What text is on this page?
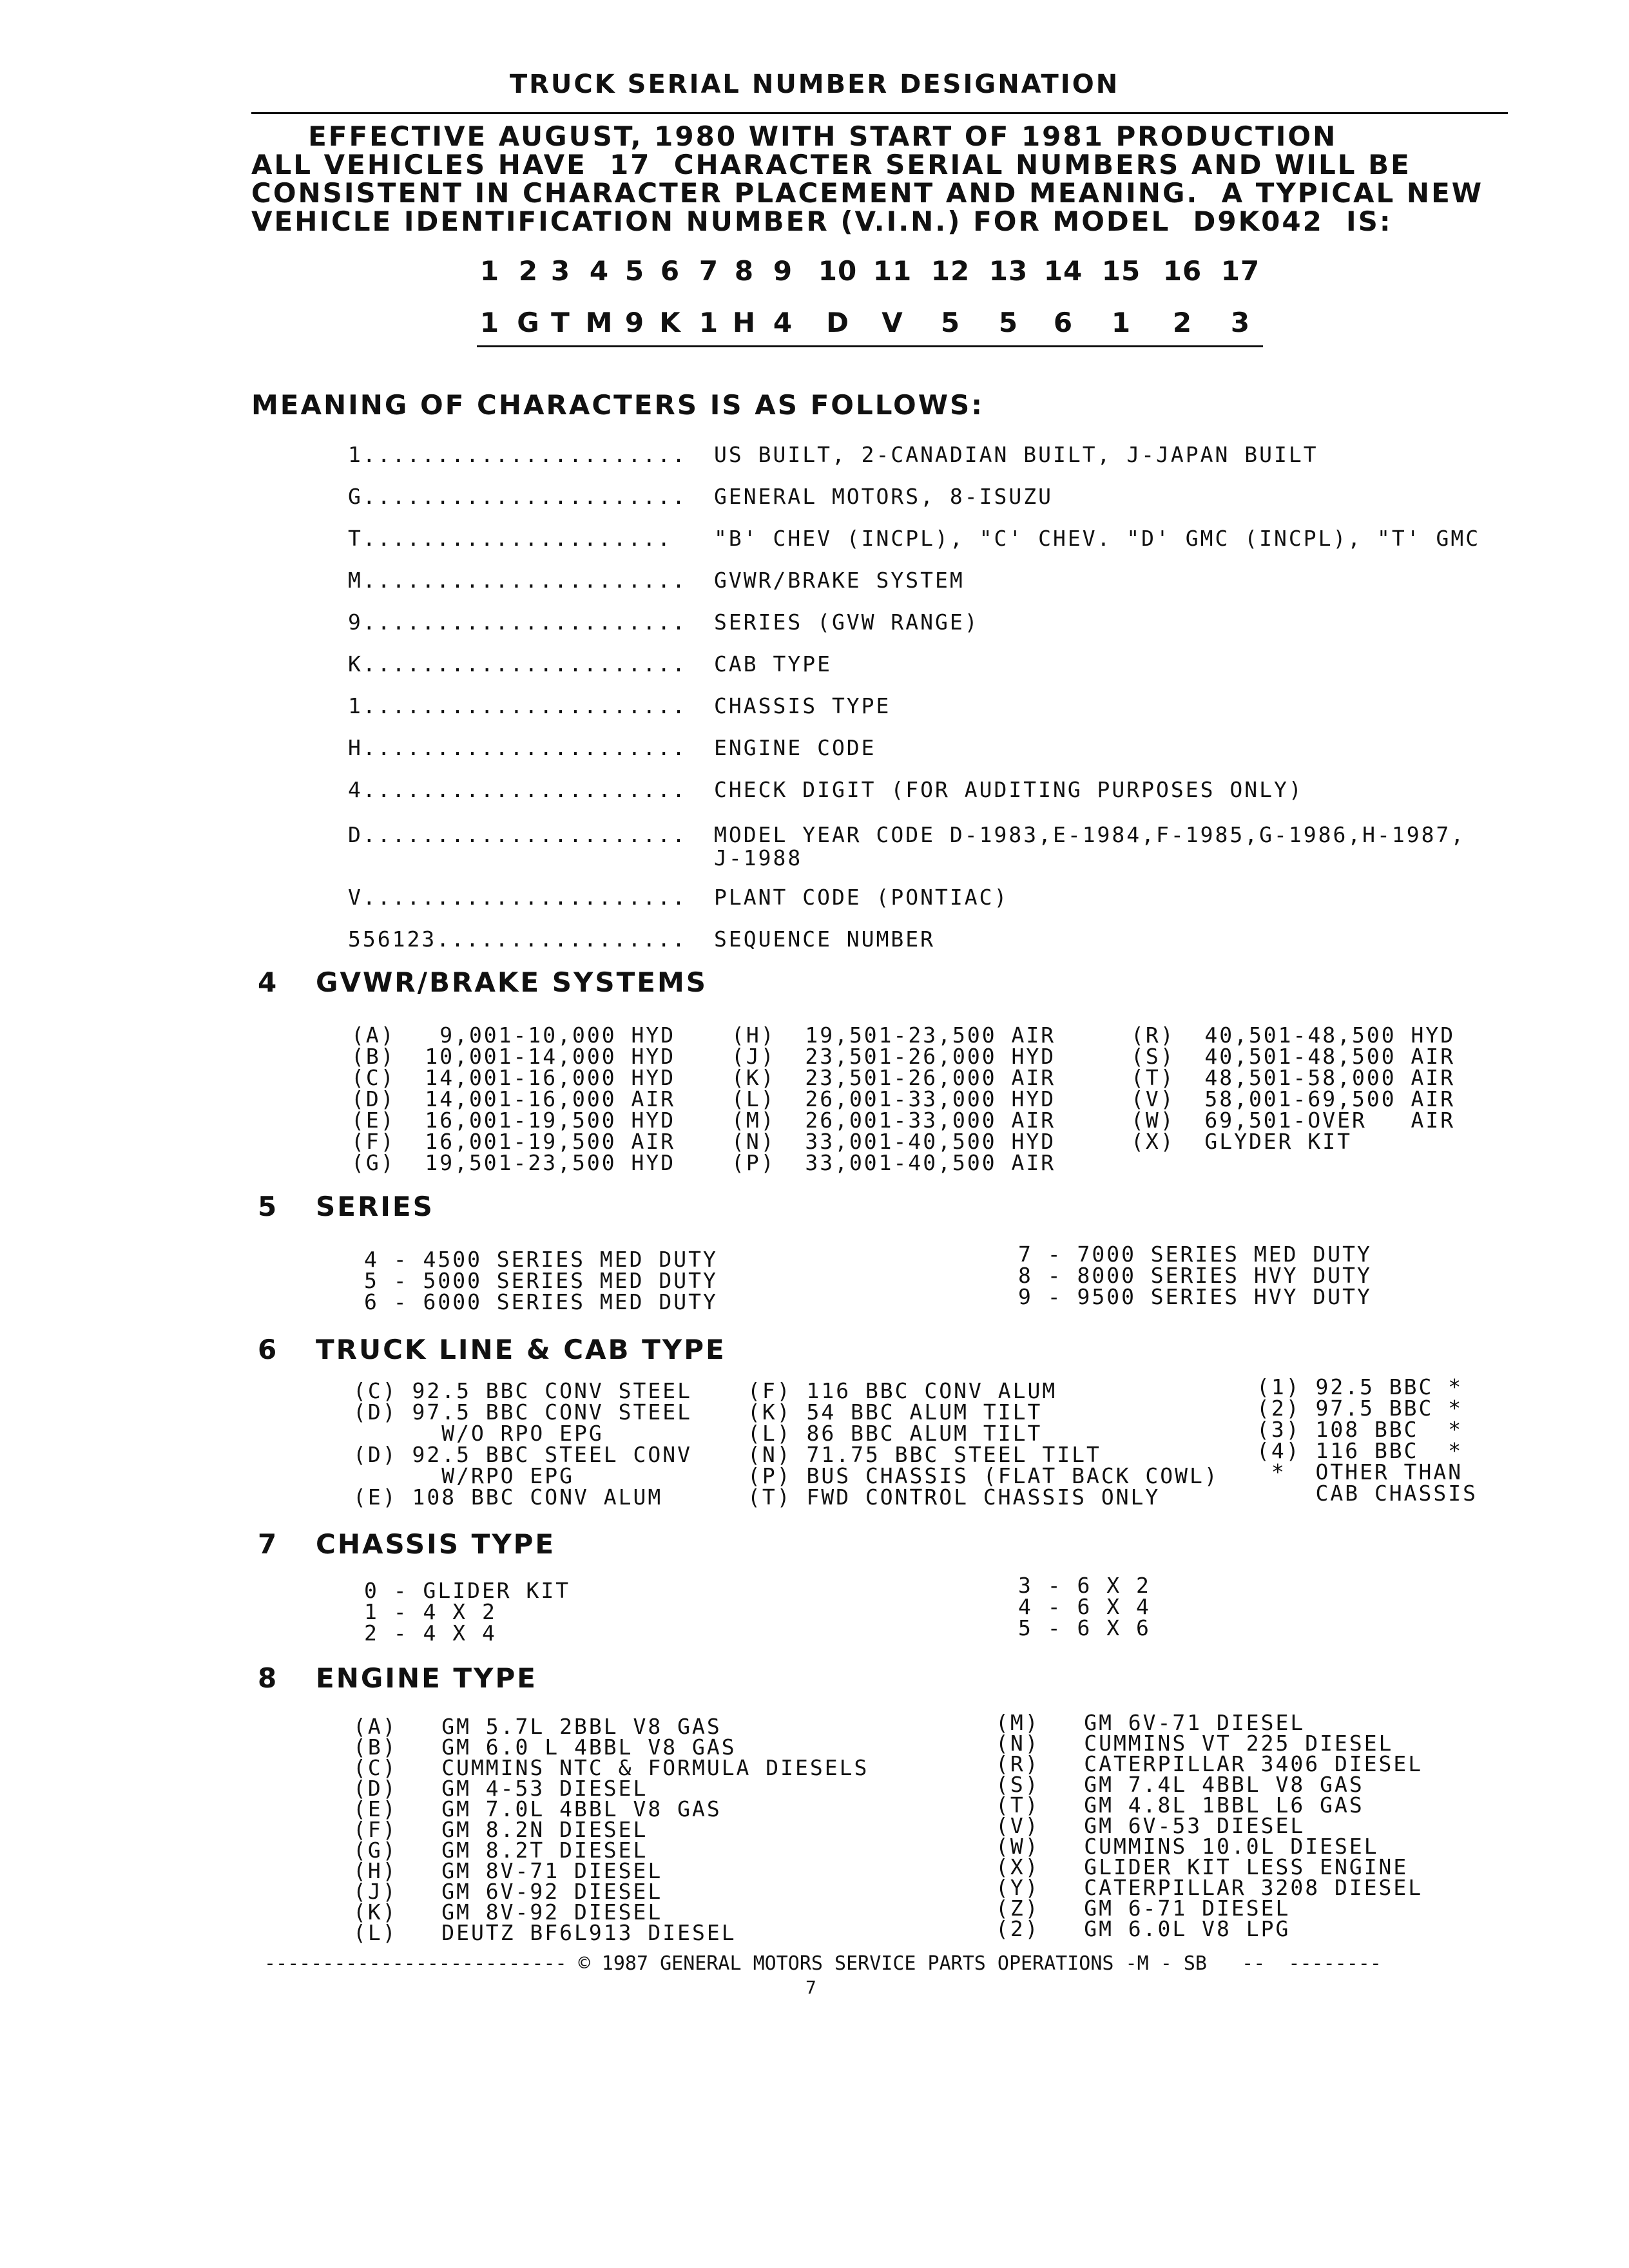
TRUCK SERIAL NUMBER DESIGNATION
EFFECTIVE AUGUST, 1980 WITH START OF 1981 PRODUCTION
ALL VEHICLES HAVE  17  CHARACTER SERIAL NUMBERS AND WILL BE
CONSISTENT IN CHARACTER PLACEMENT AND MEANING.  A TYPICAL NEW
VEHICLE IDENTIFICATION NUMBER (V.I.N.) FOR MODEL  D9K042  IS:
1 2 3 4 5 6 7 8 9 10 11 12 13 14 15 16 17
1 G T M 9 K 1 H 4	D	V	5	5	6	1	2	3
MEANING OF CHARACTERS IS AS FOLLOWS:
1...................... US BUILT, 2-CANADIAN BUILT, J-JAPAN BUILT
G...................... GENERAL MOTORS, 8-ISUZU
T..................... "B' CHEV (INCPL), "C' CHEV. "D' GMC (INCPL), "T' GMC
M...................... GVWR/BRAKE SYSTEM
9...................... SERIES (GVW RANGE)
K...................... CAB TYPE
1...................... CHASSIS TYPE
H...................... ENGINE CODE
4...................... CHECK DIGIT (FOR AUDITING PURPOSES ONLY)
D...................... MODEL YEAR CODE D-1983,E-1984,F-1985,G-1986,H-1987,
J-1988
V...................... PLANT CODE (PONTIAC)
556123................. SEQUENCE NUMBER
4 GVWR/BRAKE SYSTEMS
(A)   9,001-10,000 HYD
(B)  10,001-14,000 HYD
(C)  14,001-16,000 HYD
(D)  14,001-16,000 AIR
(E)  16,001-19,500 HYD
(F)  16,001-19,500 AIR
(G)  19,501-23,500 HYD
(H)  19,501-23,500 AIR
(J)  23,501-26,000 HYD
(K)  23,501-26,000 AIR
(L)  26,001-33,000 HYD
(M)  26,001-33,000 AIR
(N)  33,001-40,500 HYD
(P)  33,001-40,500 AIR
(R)  40,501-48,500 HYD
(S)  40,501-48,500 AIR
(T)  48,501-58,000 AIR
(V)  58,001-69,500 AIR
(W)  69,501-OVER   AIR
(X)  GLYDER KIT
5 SERIES
4 - 4500 SERIES MED DUTY
5 - 5000 SERIES MED DUTY
6 - 6000 SERIES MED DUTY
7 - 7000 SERIES MED DUTY
8 - 8000 SERIES HVY DUTY
9 - 9500 SERIES HVY DUTY
6 TRUCK LINE & CAB TYPE
(C) 92.5 BBC CONV STEEL
(D) 97.5 BBC CONV STEEL
W/O RPO EPG
(D) 92.5 BBC STEEL CONV
W/RPO EPG
(E) 108 BBC CONV ALUM
(F) 116 BBC CONV ALUM
(K) 54 BBC ALUM TILT
(L) 86 BBC ALUM TILT
(N) 71.75 BBC STEEL TILT
(P) BUS CHASSIS (FLAT BACK COWL)
(T) FWD CONTROL CHASSIS ONLY
(1) 92.5 BBC *
(2) 97.5 BBC *
(3) 108 BBC  *
(4) 116 BBC  *
*  OTHER THAN
CAB CHASSIS
7 CHASSIS TYPE
0 - GLIDER KIT
1 - 4 X 2
2 - 4 X 4
3 - 6 X 2
4 - 6 X 4
5 - 6 X 6
8 ENGINE TYPE
(A)   GM 5.7L 2BBL V8 GAS
(B)   GM 6.0 L 4BBL V8 GAS
(C)   CUMMINS NTC & FORMULA DIESELS
(D)   GM 4-53 DIESEL
(E)   GM 7.0L 4BBL V8 GAS
(F)   GM 8.2N DIESEL
(G)   GM 8.2T DIESEL
(H)   GM 8V-71 DIESEL
(J)   GM 6V-92 DIESEL
(K)   GM 8V-92 DIESEL
(L)   DEUTZ BF6L913 DIESEL
(M)   GM 6V-71 DIESEL
(N)   CUMMINS VT 225 DIESEL
(R)   CATERPILLAR 3406 DIESEL
(S)   GM 7.4L 4BBL V8 GAS
(T)   GM 4.8L 1BBL L6 GAS
(V)   GM 6V-53 DIESEL
(W)   CUMMINS 10.0L DIESEL
(X)   GLIDER KIT LESS ENGINE
(Y)   CATERPILLAR 3208 DIESEL
(Z)   GM 6-71 DIESEL
(2)   GM 6.0L V8 LPG
-------------------------- © 1987 GENERAL MOTORS SERVICE PARTS OPERATIONS -M - SB   --  --------
7
